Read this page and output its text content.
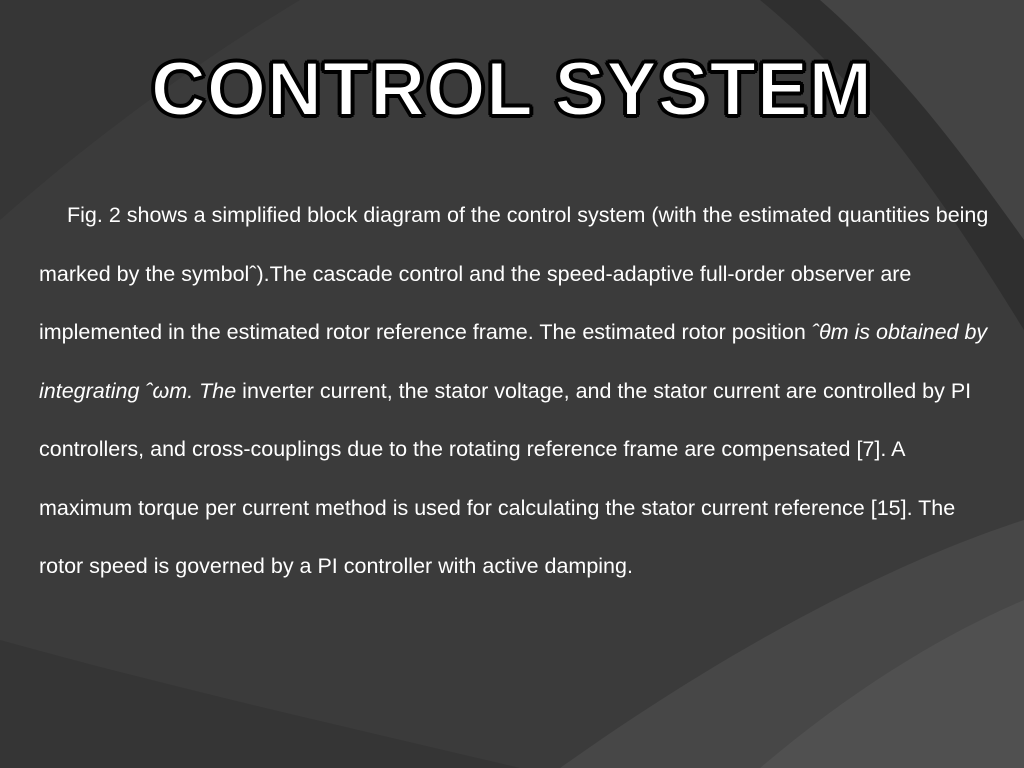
CONTROL SYSTEM
Fig. 2 shows a simplified block diagram of the control system (with the estimated quantities being marked by the symbolˆ).The cascade control and the speed-adaptive full-order observer are implemented in the estimated rotor reference frame. The estimated rotor position ˆθm is obtained by integrating ˆωm. The inverter current, the stator voltage, and the stator current are controlled by PI controllers, and cross-couplings due to the rotating reference frame are compensated [7]. A maximum torque per current method is used for calculating the stator current reference [15]. The rotor speed is governed by a PI controller with active damping.
